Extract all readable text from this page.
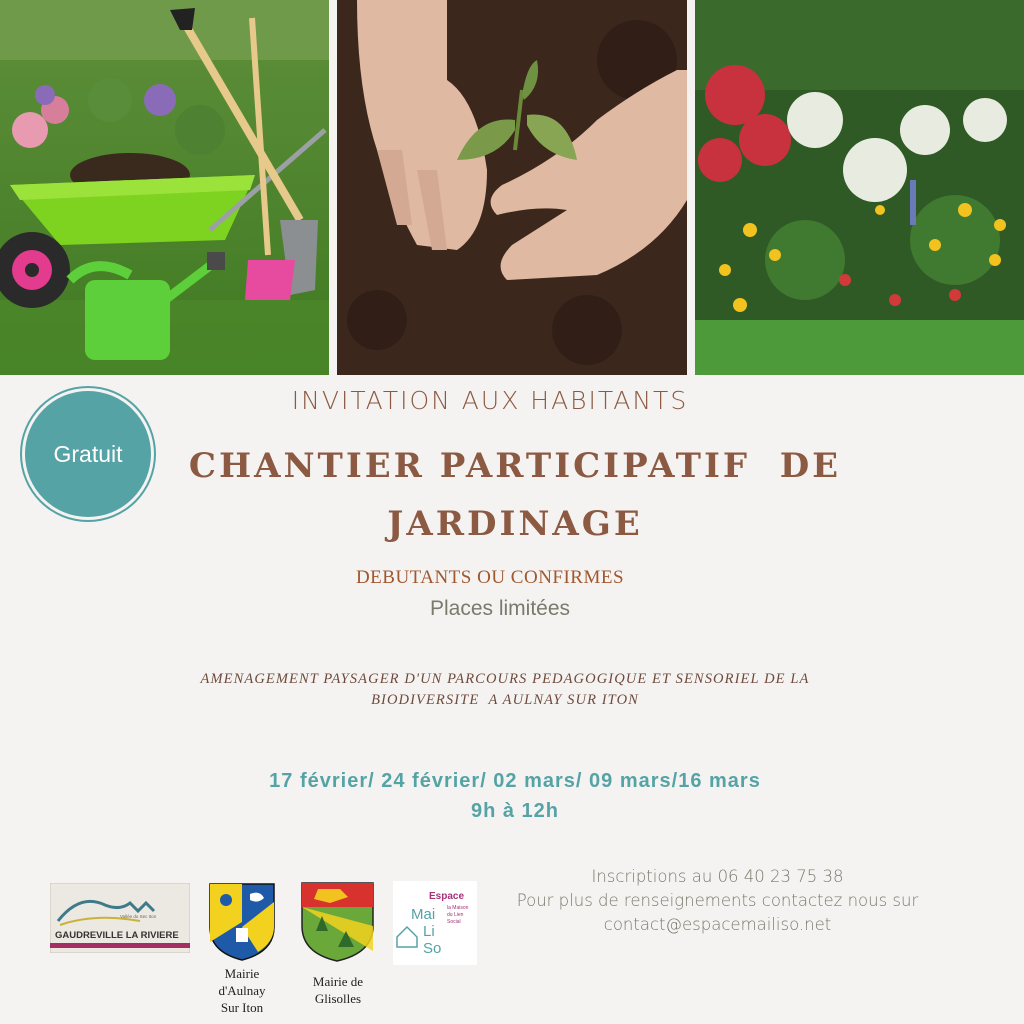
Gratuit
INVITATION AUX HABITANTS
CHANTIER PARTICIPATIF  DE
JARDINAGE
DEBUTANTS OU CONFIRMES
Places limitées
AMENAGEMENT PAYSAGER D'UN PARCOURS PEDAGOGIQUE ET SENSORIEL DE LA
BIODIVERSITE  A AULNAY SUR ITON
17 février/ 24 février/ 02 mars/ 09 mars/16 mars
9h à 12h
Inscriptions au 06 40 23 75 38
Pour plus de renseignements contactez nous sur
contact@espacemailiso.net
Vallée du Sec Iton
GAUDREVILLE LA RIVIERE
Mairie
d'Aulnay
Sur Iton
Mairie de
Glisolles
Espace
Mai
Li
So
la Maison
du Lien
Social
